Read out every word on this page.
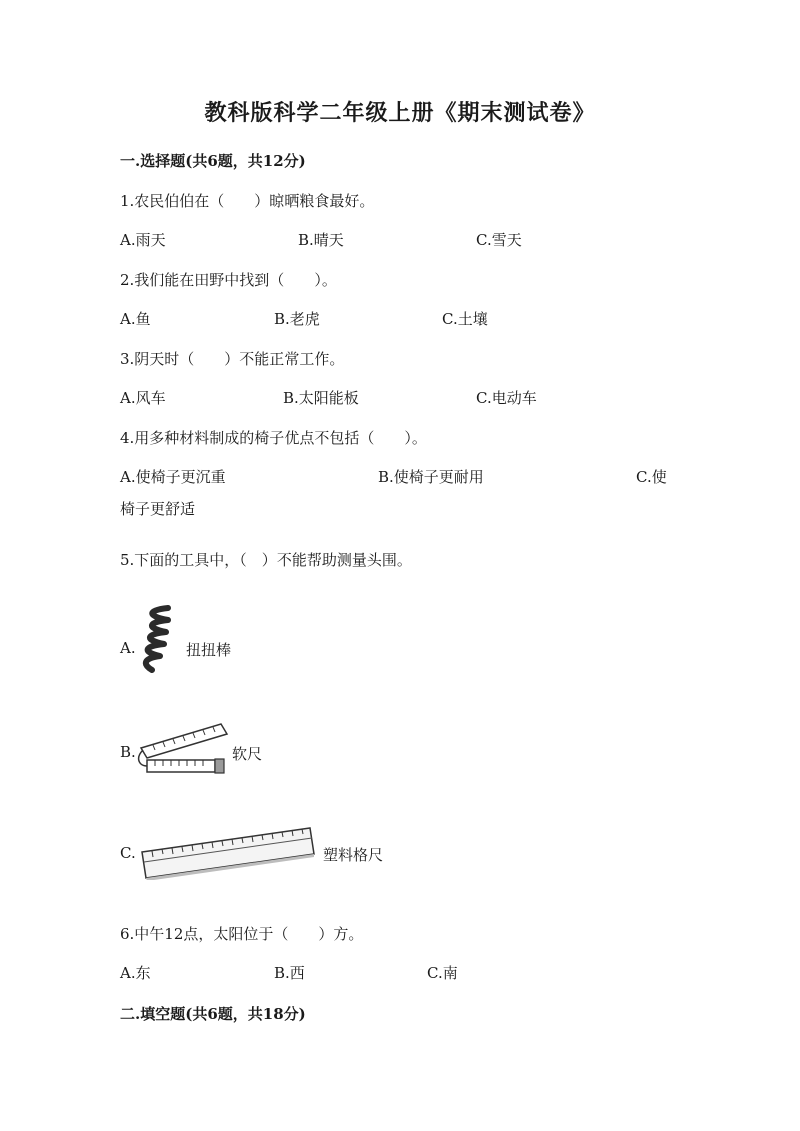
教科版科学二年级上册《期末测试卷》
一.选择题(共6题，共12分)
1.农民伯伯在（　　）晾晒粮食最好。
A.雨天	B.晴天	C.雪天
2.我们能在田野中找到（　　）。
A.鱼	B.老虎	C.土壤
3.阴天时（　　）不能正常工作。
A.风车	B.太阳能板	C.电动车
4.用多种材料制成的椅子优点不包括（　　）。
A.使椅子更沉重	B.使椅子更耐用	C.使
椅子更舒适
5.下面的工具中，（　）不能帮助测量头围。
A.	扭扭棒
B.	软尺
C.	塑料格尺
6.中午12点，太阳位于（　　）方。
A.东	B.西	C.南
二.填空题(共6题，共18分)
